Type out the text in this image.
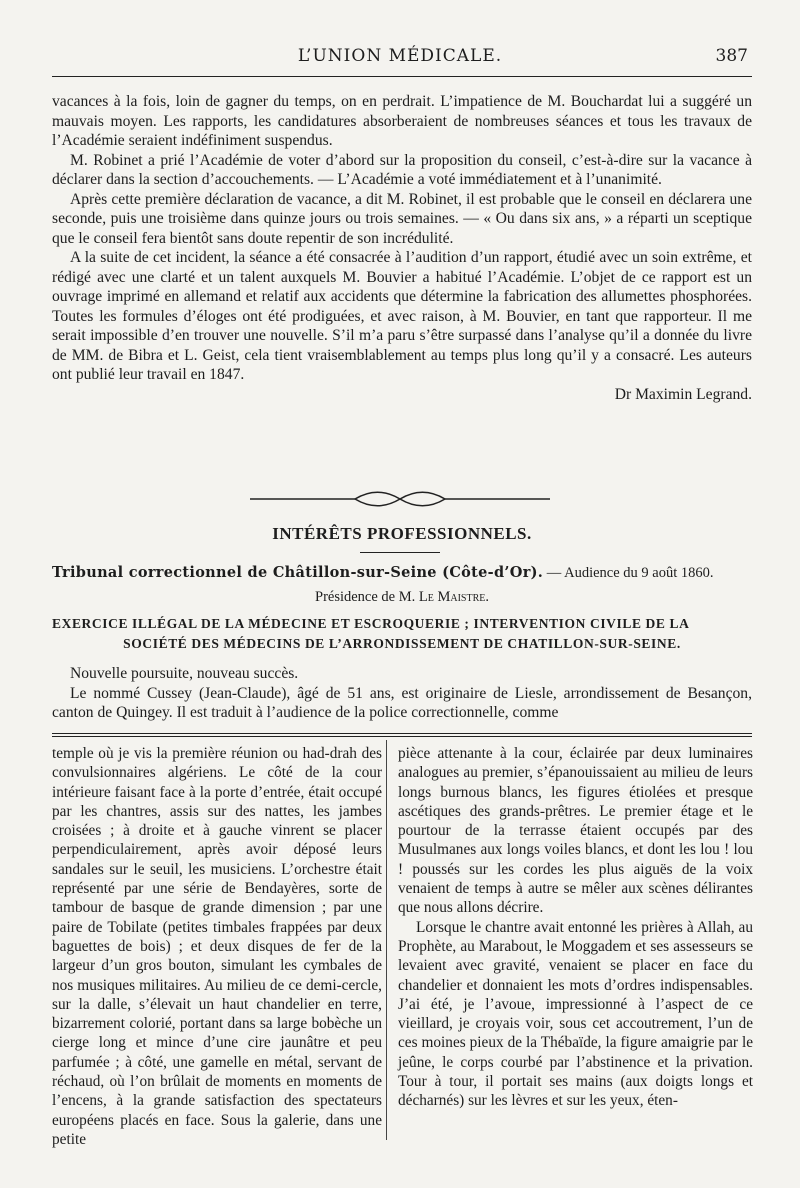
L’UNION MÉDICALE.	387

vacances à la fois, loin de gagner du temps, on en perdrait. L’impatience de M. Bouchardat lui a suggéré un mauvais moyen. Les rapports, les candidatures absorberaient de nombreuses séances et tous les travaux de l’Académie seraient indéfiniment suspendus.

M. Robinet a prié l’Académie de voter d’abord sur la proposition du conseil, c’est-à-dire sur la vacance à déclarer dans la section d’accouchements. — L’Académie a voté immédiatement et à l’unanimité.

Après cette première déclaration de vacance, a dit M. Robinet, il est probable que le conseil en déclarera une seconde, puis une troisième dans quinze jours ou trois semaines. — « Ou dans six ans, » a réparti un sceptique que le conseil fera bientôt sans doute repentir de son incrédulité.

A la suite de cet incident, la séance a été consacrée à l’audition d’un rapport, étudié avec un soin extrême, et rédigé avec une clarté et un talent auxquels M. Bouvier a habitué l’Académie. L’objet de ce rapport est un ouvrage imprimé en allemand et relatif aux accidents que détermine la fabrication des allumettes phosphorées. Toutes les formules d’éloges ont été prodiguées, et avec raison, à M. Bouvier, en tant que rapporteur. Il me serait impossible d’en trouver une nouvelle. S’il m’a paru s’être surpassé dans l’analyse qu’il a donnée du livre de MM. de Bibra et L. Geist, cela tient vraisemblablement au temps plus long qu’il y a consacré. Les auteurs ont publié leur travail en 1847.

Dr Maximin Legrand.

INTÉRÊTS PROFESSIONNELS.
Tribunal correctionnel de Châtillon-sur-Seine (Côte-d’Or). — Audience du 9 août 1860.
Présidence de M. Le Maistre.
EXERCICE ILLÉGAL DE LA MÉDECINE ET ESCROQUERIE ; INTERVENTION CIVILE DE LA
SOCIÉTÉ DES MÉDECINS DE L’ARRONDISSEMENT DE CHATILLON-SUR-SEINE.

Nouvelle poursuite, nouveau succès.

Le nommé Cussey (Jean-Claude), âgé de 51 ans, est originaire de Liesle, arrondissement de Besançon, canton de Quingey. Il est traduit à l’audience de la police correctionnelle, comme

temple où je vis la première réunion ou had-drah des convulsionnaires algériens. Le côté de la cour intérieure faisant face à la porte d’entrée, était occupé par les chantres, assis sur des nattes, les jambes croisées ; à droite et à gauche vinrent se placer perpendiculairement, après avoir déposé leurs sandales sur le seuil, les musiciens. L’orchestre était représenté par une série de Bendayères, sorte de tambour de basque de grande dimension ; par une paire de Tobilate (petites timbales frappées par deux baguettes de bois) ; et deux disques de fer de la largeur d’un gros bouton, simulant les cymbales de nos musiques militaires. Au milieu de ce demi-cercle, sur la dalle, s’élevait un haut chandelier en terre, bizarrement colorié, portant dans sa large bobèche un cierge long et mince d’une cire jaunâtre et peu parfumée ; à côté, une gamelle en métal, servant de réchaud, où l’on brûlait de moments en moments de l’encens, à la grande satisfaction des spectateurs européens placés en face. Sous la galerie, dans une petite

pièce attenante à la cour, éclairée par deux luminaires analogues au premier, s’épanouissaient au milieu de leurs longs burnous blancs, les figures étiolées et presque ascétiques des grands-prêtres. Le premier étage et le pourtour de la terrasse étaient occupés par des Musulmanes aux longs voiles blancs, et dont les lou ! lou ! poussés sur les cordes les plus aiguës de la voix venaient de temps à autre se mêler aux scènes délirantes que nous allons décrire.

Lorsque le chantre avait entonné les prières à Allah, au Prophète, au Marabout, le Moggadem et ses assesseurs se levaient avec gravité, venaient se placer en face du chandelier et donnaient les mots d’ordres indispensables. J’ai été, je l’avoue, impressionné à l’aspect de ce vieillard, je croyais voir, sous cet accoutrement, l’un de ces moines pieux de la Thébaïde, la figure amaigrie par le jeûne, le corps courbé par l’abstinence et la privation. Tour à tour, il portait ses mains (aux doigts longs et décharnés) sur les lèvres et sur les yeux, éten-
